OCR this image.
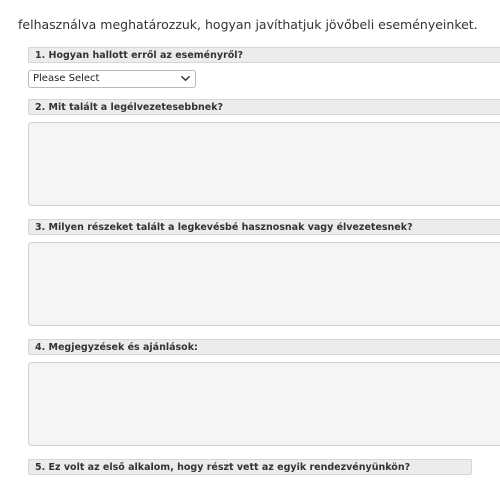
felhasználva meghatározzuk, hogyan javíthatjuk jövőbeli eseményeinket.
1. Hogyan hallott erről az eseményről?
Please Select
2. Mit talált a legélvezetesebbnek?
3. Milyen részeket talált a legkevésbé hasznosnak vagy élvezetesnek?
4. Megjegyzések és ajánlások:
5. Ez volt az első alkalom, hogy részt vett az egyik rendezvényünkön?
